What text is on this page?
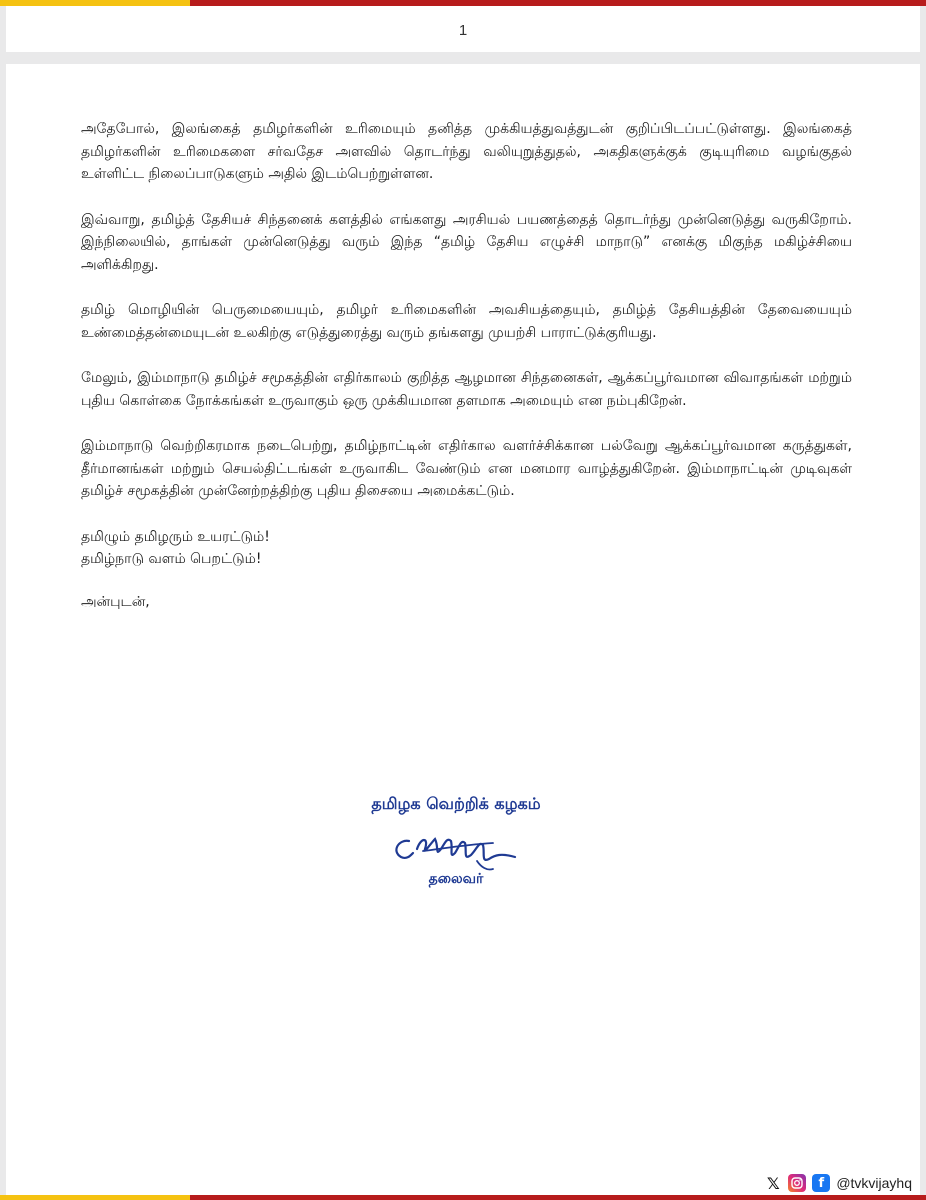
1

அதேபோல், இலங்கைத் தமிழர்களின் உரிமையும் தனித்த முக்கியத்துவத்துடன் குறிப்பிடப்பட்டுள்ளது. இலங்கைத் தமிழர்களின் உரிமைகளை சர்வதேச அளவில் தொடர்ந்து வலியுறுத்துதல், அகதிகளுக்குக் குடியுரிமை வழங்குதல் உள்ளிட்ட நிலைப்பாடுகளும் அதில் இடம்பெற்றுள்ளன.

இவ்வாறு, தமிழ்த் தேசியச் சிந்தனைக் களத்தில் எங்களது அரசியல் பயணத்தைத் தொடர்ந்து முன்னெடுத்து வருகிறோம். இந்நிலையில், தாங்கள் முன்னெடுத்து வரும் இந்த “தமிழ் தேசிய எழுச்சி மாநாடு” எனக்கு மிகுந்த மகிழ்ச்சியை அளிக்கிறது.

தமிழ் மொழியின் பெருமையையும், தமிழர் உரிமைகளின் அவசியத்தையும், தமிழ்த் தேசியத்தின் தேவையையும் உண்மைத்தன்மையுடன் உலகிற்கு எடுத்துரைத்து வரும் தங்களது முயற்சி பாராட்டுக்குரியது.

மேலும், இம்மாநாடு தமிழ்ச் சமூகத்தின் எதிர்காலம் குறித்த ஆழமான சிந்தனைகள், ஆக்கப்பூர்வமான விவாதங்கள் மற்றும் புதிய கொள்கை நோக்கங்கள் உருவாகும் ஒரு முக்கியமான தளமாக அமையும் என நம்புகிறேன்.

இம்மாநாடு வெற்றிகரமாக நடைபெற்று, தமிழ்நாட்டின் எதிர்கால வளர்ச்சிக்கான பல்வேறு ஆக்கப்பூர்வமான கருத்துகள், தீர்மானங்கள் மற்றும் செயல்திட்டங்கள் உருவாகிட வேண்டும் என மனமார வாழ்த்துகிறேன். இம்மாநாட்டின் முடிவுகள் தமிழ்ச் சமூகத்தின் முன்னேற்றத்திற்கு புதிய திசையை அமைக்கட்டும்.

தமிழும் தமிழரும் உயரட்டும்!
தமிழ்நாடு வளம் பெறட்டும்!
அன்புடன்,
தமிழக வெற்றிக் கழகம்
தலைவர்
𝕏	f @tvkvijayhq
